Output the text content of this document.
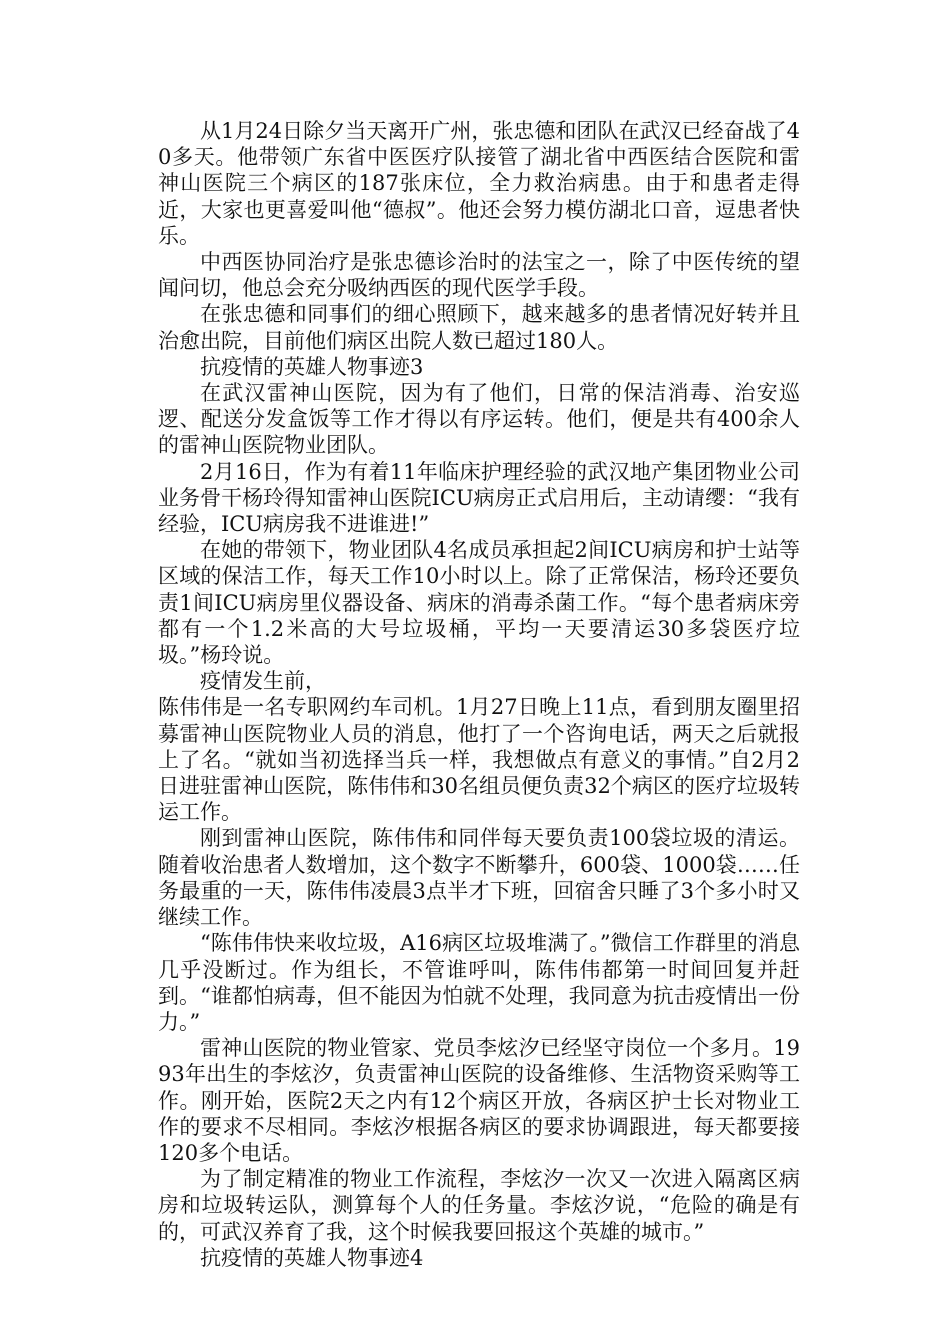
从1月24日除夕当天离开广州，张忠德和团队在武汉已经奋战了40多天。他带领广东省中医医疗队接管了湖北省中西医结合医院和雷神山医院三个病区的187张床位，全力救治病患。由于和患者走得近，大家也更喜爱叫他“德叔”。他还会努力模仿湖北口音，逗患者快乐。

中西医协同治疗是张忠德诊治时的法宝之一，除了中医传统的望闻问切，他总会充分吸纳西医的现代医学手段。

在张忠德和同事们的细心照顾下，越来越多的患者情况好转并且治愈出院，目前他们病区出院人数已超过180人。

抗疫情的英雄人物事迹3

在武汉雷神山医院，因为有了他们，日常的保洁消毒、治安巡逻、配送分发盒饭等工作才得以有序运转。他们，便是共有400余人的雷神山医院物业团队。

2月16日，作为有着11年临床护理经验的武汉地产集团物业公司业务骨干杨玲得知雷神山医院ICU病房正式启用后，主动请缨：“我有经验，ICU病房我不进谁进!”

在她的带领下，物业团队4名成员承担起2间ICU病房和护士站等区域的保洁工作，每天工作10小时以上。除了正常保洁，杨玲还要负责1间ICU病房里仪器设备、病床的消毒杀菌工作。“每个患者病床旁都有一个1.2米高的大号垃圾桶，平均一天要清运30多袋医疗垃圾。”杨玲说。

疫情发生前，

陈伟伟是一名专职网约车司机。1月27日晚上11点，看到朋友圈里招募雷神山医院物业人员的消息，他打了一个咨询电话，两天之后就报上了名。“就如当初选择当兵一样，我想做点有意义的事情。”自2月2日进驻雷神山医院，陈伟伟和30名组员便负责32个病区的医疗垃圾转运工作。

刚到雷神山医院，陈伟伟和同伴每天要负责100袋垃圾的清运。随着收治患者人数增加，这个数字不断攀升，600袋、1000袋……任务最重的一天，陈伟伟凌晨3点半才下班，回宿舍只睡了3个多小时又继续工作。

“陈伟伟快来收垃圾，A16病区垃圾堆满了。”微信工作群里的消息几乎没断过。作为组长，不管谁呼叫，陈伟伟都第一时间回复并赶到。“谁都怕病毒，但不能因为怕就不处理，我同意为抗击疫情出一份力。”

雷神山医院的物业管家、党员李炫汐已经坚守岗位一个多月。1993年出生的李炫汐，负责雷神山医院的设备维修、生活物资采购等工作。刚开始，医院2天之内有12个病区开放，各病区护士长对物业工作的要求不尽相同。李炫汐根据各病区的要求协调跟进，每天都要接120多个电话。

为了制定精准的物业工作流程，李炫汐一次又一次进入隔离区病房和垃圾转运队，测算每个人的任务量。李炫汐说，“危险的确是有的，可武汉养育了我，这个时候我要回报这个英雄的城市。”

抗疫情的英雄人物事迹4
